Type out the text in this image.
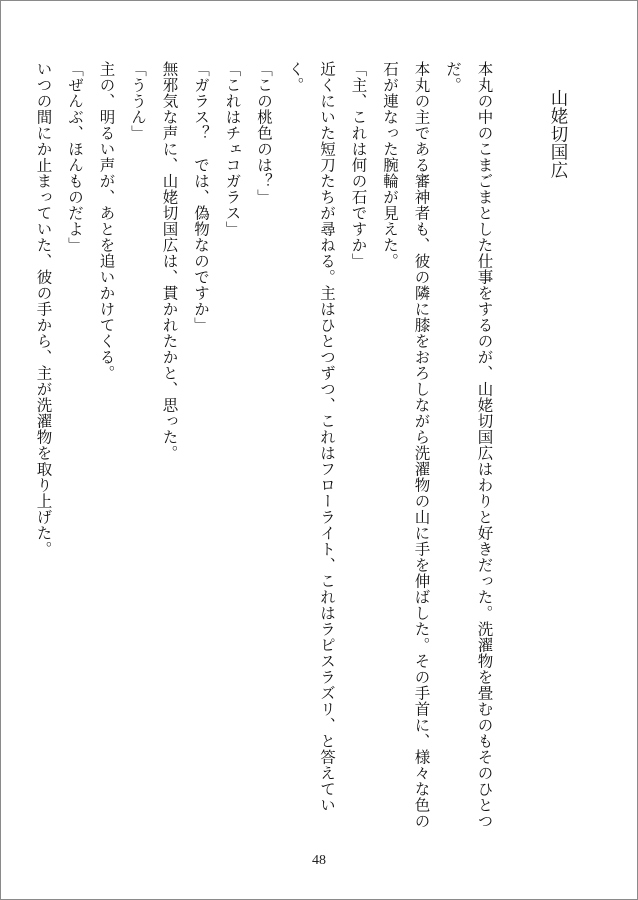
山姥切国広
本丸の中のこまごまとした仕事をするのが、山姥切国広はわりと好きだった。洗濯物を畳むのもそのひとつだ。
本丸の主である審神者も、彼の隣に膝をおろしながら洗濯物の山に手を伸ばした。その手首に、様々な色の石が連なった腕輪が見えた。
「主、これは何の石ですか」
近くにいた短刀たちが尋ねる。主はひとつずつ、これはフローライト、これはラピスラズリ、と答えていく。
「この桃色のは？」
「これはチェコガラス」
「ガラス？　では、偽物なのですか」
無邪気な声に、山姥切国広は、貫かれたかと、思った。
「ううん」
主の、明るい声が、あとを追いかけてくる。
「ぜんぶ、ほんものだよ」
いつの間にか止まっていた、彼の手から、主が洗濯物を取り上げた。
48
